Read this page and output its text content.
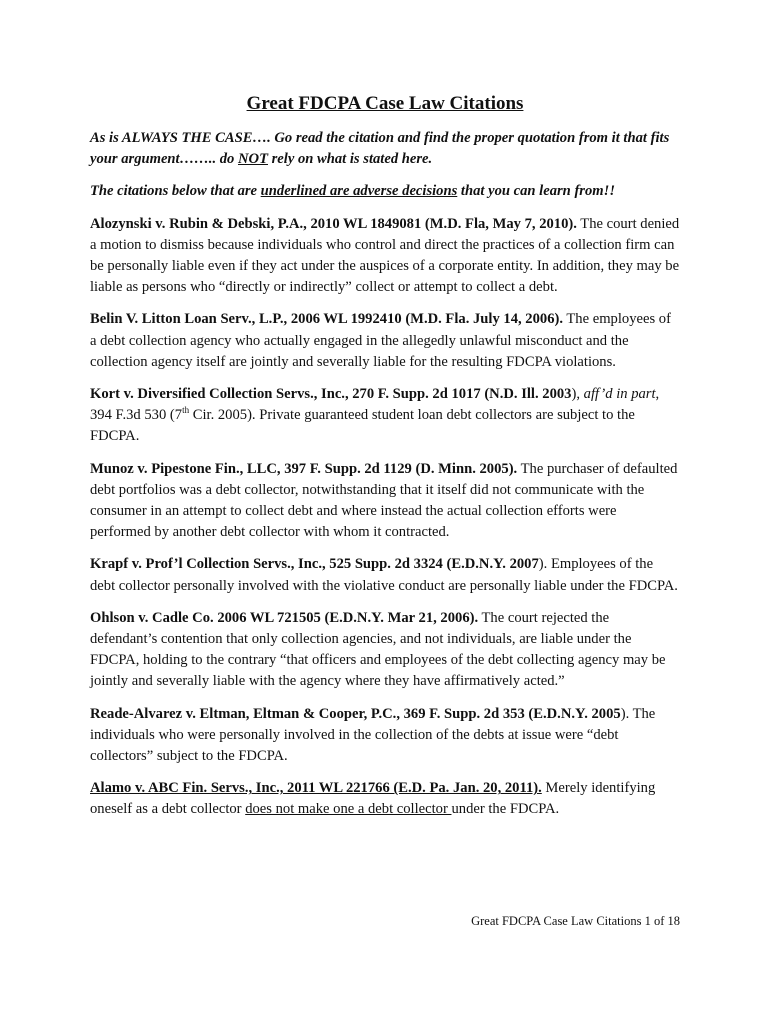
Great FDCPA Case Law Citations

As is ALWAYS THE CASE…. Go read the citation and find the proper quotation from it that fits your argument…….. do NOT rely on what is stated here.

The citations below that are underlined are adverse decisions that you can learn from!!

Alozynski v. Rubin & Debski, P.A., 2010 WL 1849081 (M.D. Fla, May 7, 2010). The court denied a motion to dismiss because individuals who control and direct the practices of a collection firm can be personally liable even if they act under the auspices of a corporate entity. In addition, they may be liable as persons who “directly or indirectly” collect or attempt to collect a debt.

Belin V. Litton Loan Serv., L.P., 2006 WL 1992410 (M.D. Fla. July 14, 2006). The employees of a debt collection agency who actually engaged in the allegedly unlawful misconduct and the collection agency itself are jointly and severally liable for the resulting FDCPA violations.

Kort v. Diversified Collection Servs., Inc., 270 F. Supp. 2d 1017 (N.D. Ill. 2003), aff’d in part, 394 F.3d 530 (7th Cir. 2005). Private guaranteed student loan debt collectors are subject to the FDCPA.

Munoz v. Pipestone Fin., LLC, 397 F. Supp. 2d 1129 (D. Minn. 2005). The purchaser of defaulted debt portfolios was a debt collector, notwithstanding that it itself did not communicate with the consumer in an attempt to collect debt and where instead the actual collection efforts were performed by another debt collector with whom it contracted.

Krapf v. Prof’l Collection Servs., Inc., 525 Supp. 2d 3324 (E.D.N.Y. 2007). Employees of the debt collector personally involved with the violative conduct are personally liable under the FDCPA.

Ohlson v. Cadle Co. 2006 WL 721505 (E.D.N.Y. Mar 21, 2006). The court rejected the defendant’s contention that only collection agencies, and not individuals, are liable under the FDCPA, holding to the contrary “that officers and employees of the debt collecting agency may be jointly and severally liable with the agency where they have affirmatively acted.”

Reade-Alvarez v. Eltman, Eltman & Cooper, P.C., 369 F. Supp. 2d 353 (E.D.N.Y. 2005). The individuals who were personally involved in the collection of the debts at issue were “debt collectors” subject to the FDCPA.

Alamo v. ABC Fin. Servs., Inc., 2011 WL 221766 (E.D. Pa. Jan. 20, 2011). Merely identifying oneself as a debt collector does not make one a debt collector under the FDCPA.

Great FDCPA Case Law Citations 1 of 18
